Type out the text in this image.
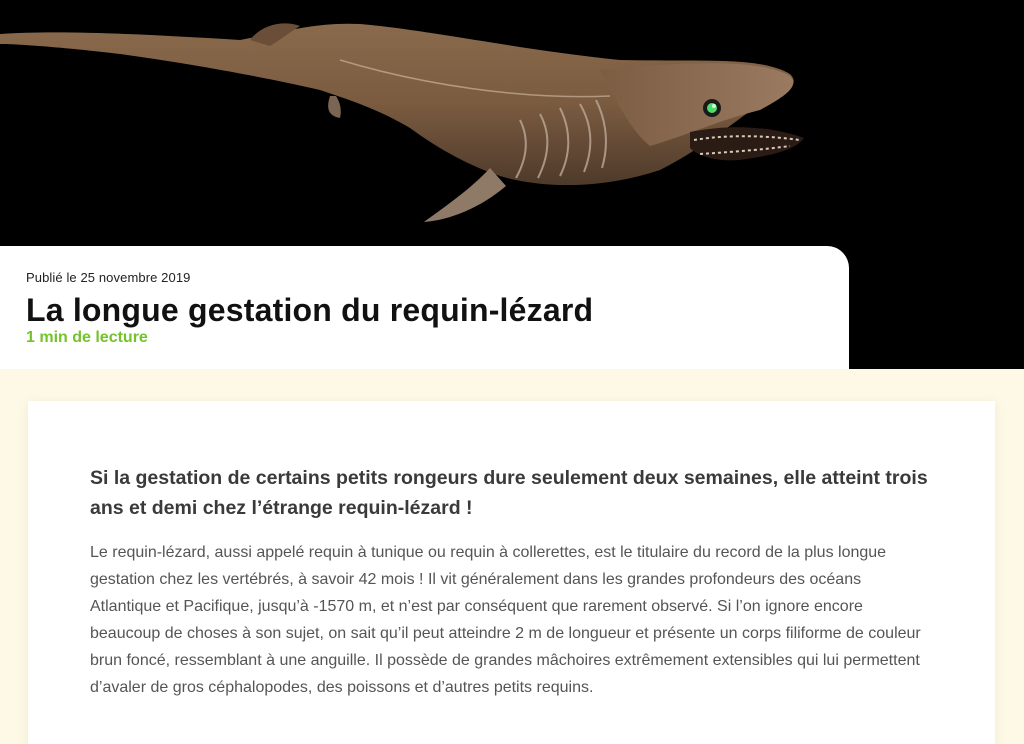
Publié le 25 novembre 2019
La longue gestation du requin-lézard
1 min de lecture

Si la gestation de certains petits rongeurs dure seulement deux semaines, elle atteint trois ans et demi chez l’étrange requin-lézard !

Le requin-lézard, aussi appelé requin à tunique ou requin à collerettes, est le titulaire du record de la plus longue gestation chez les vertébrés, à savoir 42 mois ! Il vit généralement dans les grandes profondeurs des océans Atlantique et Pacifique, jusqu’à -1570 m, et n’est par conséquent que rarement observé. Si l’on ignore encore beaucoup de choses à son sujet, on sait qu’il peut atteindre 2 m de longueur et présente un corps filiforme de couleur brun foncé, ressemblant à une anguille. Il possède de grandes mâchoires extrêmement extensibles qui lui permettent d’avaler de gros céphalopodes, des poissons et d’autres petits requins.
